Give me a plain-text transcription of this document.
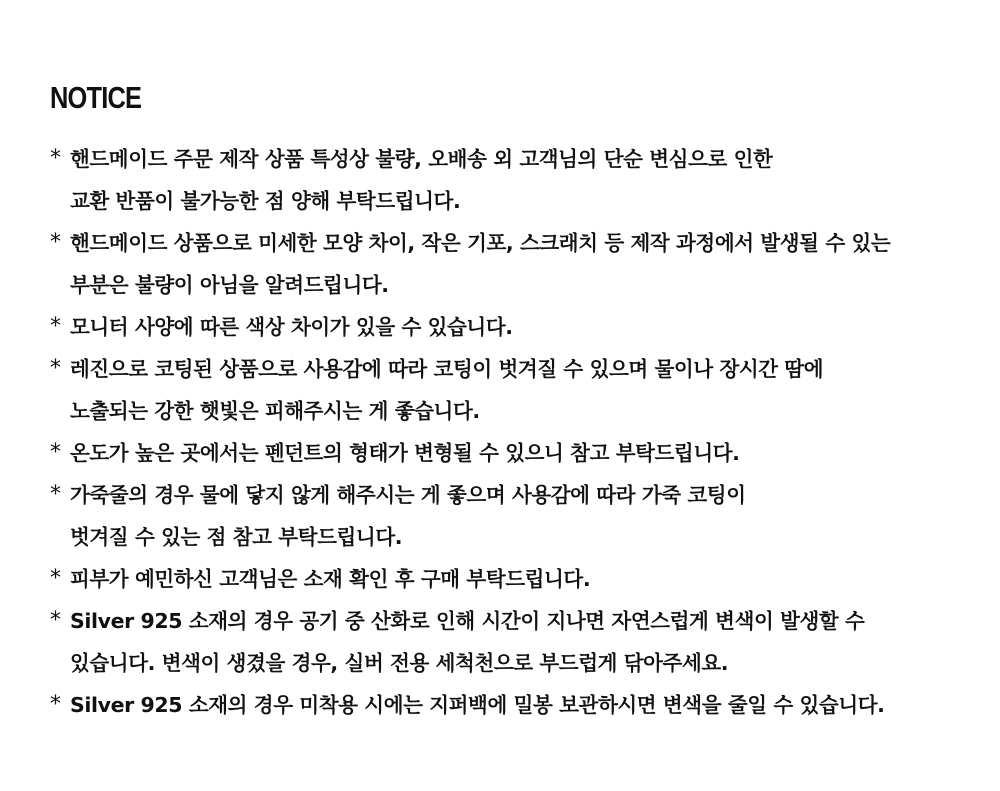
NOTICE
* 핸드메이드 주문 제작 상품 특성상 불량, 오배송 외 고객님의 단순 변심으로 인한
교환 반품이 불가능한 점 양해 부탁드립니다.
* 핸드메이드 상품으로 미세한 모양 차이, 작은 기포, 스크래치 등 제작 과정에서 발생될 수 있는
부분은 불량이 아님을 알려드립니다.
* 모니터 사양에 따른 색상 차이가 있을 수 있습니다.
* 레진으로 코팅된 상품으로 사용감에 따라 코팅이 벗겨질 수 있으며 물이나 장시간 땀에
노출되는 강한 햇빛은 피해주시는 게 좋습니다.
* 온도가 높은 곳에서는 펜던트의 형태가 변형될 수 있으니 참고 부탁드립니다.
* 가죽줄의 경우 물에 닿지 않게 해주시는 게 좋으며 사용감에 따라 가죽 코팅이
벗겨질 수 있는 점 참고 부탁드립니다.
* 피부가 예민하신 고객님은 소재 확인 후 구매 부탁드립니다.
* Silver 925 소재의 경우 공기 중 산화로 인해 시간이 지나면 자연스럽게 변색이 발생할 수
있습니다. 변색이 생겼을 경우, 실버 전용 세척천으로 부드럽게 닦아주세요.
* Silver 925 소재의 경우 미착용 시에는 지퍼백에 밀봉 보관하시면 변색을 줄일 수 있습니다.
